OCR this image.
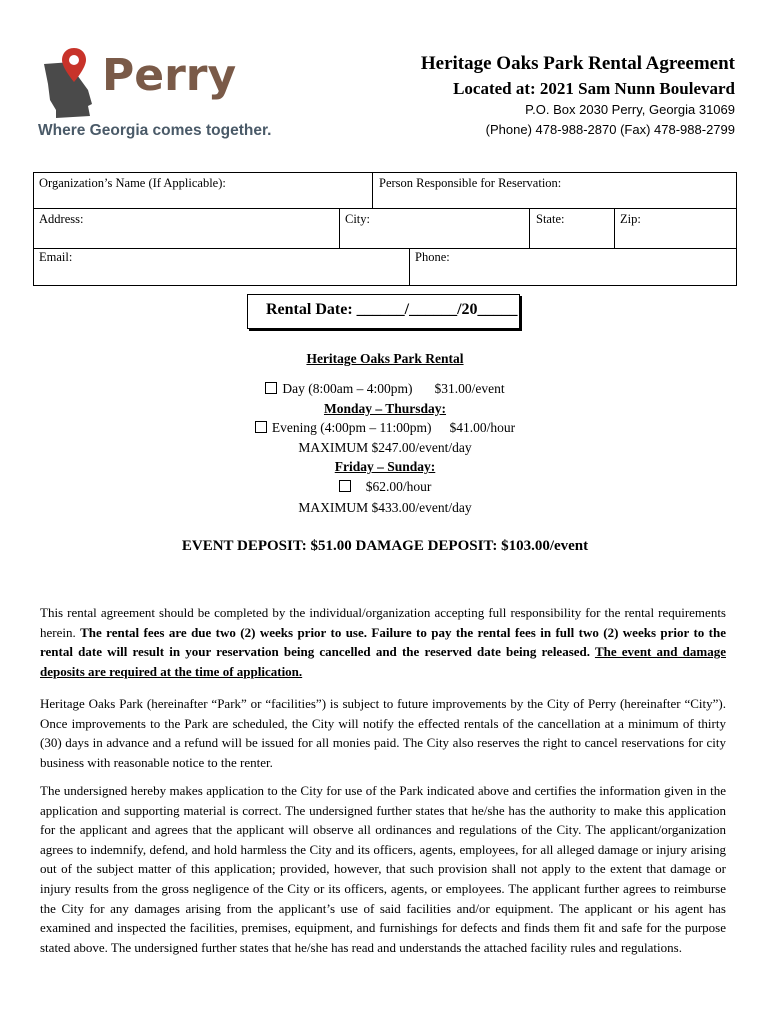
Perry
Where Georgia comes together.
Heritage Oaks Park Rental Agreement
Located at: 2021 Sam Nunn Boulevard
P.O. Box 2030 Perry, Georgia 31069
(Phone) 478-988-2870 (Fax) 478-988-2799
Organization’s Name (If Applicable):	Person Responsible for Reservation:
Address:	City:	State:	Zip:
Email:	Phone:
Rental Date: ______/______/20_____
Heritage Oaks Park Rental
Day (8:00am – 4:00pm) $31.00/event
Monday – Thursday:
Evening (4:00pm – 11:00pm) $41.00/hour
MAXIMUM $247.00/event/day
Friday – Sunday:
$62.00/hour
MAXIMUM $433.00/event/day
EVENT DEPOSIT: $51.00 DAMAGE DEPOSIT: $103.00/event
This rental agreement should be completed by the individual/organization accepting full responsibility for the rental requirements herein. The rental fees are due two (2) weeks prior to use. Failure to pay the rental fees in full two (2) weeks prior to the rental date will result in your reservation being cancelled and the reserved date being released. The event and damage deposits are required at the time of application.
Heritage Oaks Park (hereinafter “Park” or “facilities”) is subject to future improvements by the City of Perry (hereinafter “City”). Once improvements to the Park are scheduled, the City will notify the effected rentals of the cancellation at a minimum of thirty (30) days in advance and a refund will be issued for all monies paid. The City also reserves the right to cancel reservations for city business with reasonable notice to the renter.
The undersigned hereby makes application to the City for use of the Park indicated above and certifies the information given in the application and supporting material is correct. The undersigned further states that he/she has the authority to make this application for the applicant and agrees that the applicant will observe all ordinances and regulations of the City. The applicant/organization agrees to indemnify, defend, and hold harmless the City and its officers, agents, employees, for all alleged damage or injury arising out of the subject matter of this application; provided, however, that such provision shall not apply to the extent that damage or injury results from the gross negligence of the City or its officers, agents, or employees. The applicant further agrees to reimburse the City for any damages arising from the applicant’s use of said facilities and/or equipment. The applicant or his agent has examined and inspected the facilities, premises, equipment, and furnishings for defects and finds them fit and safe for the purpose stated above. The undersigned further states that he/she has read and understands the attached facility rules and regulations.
